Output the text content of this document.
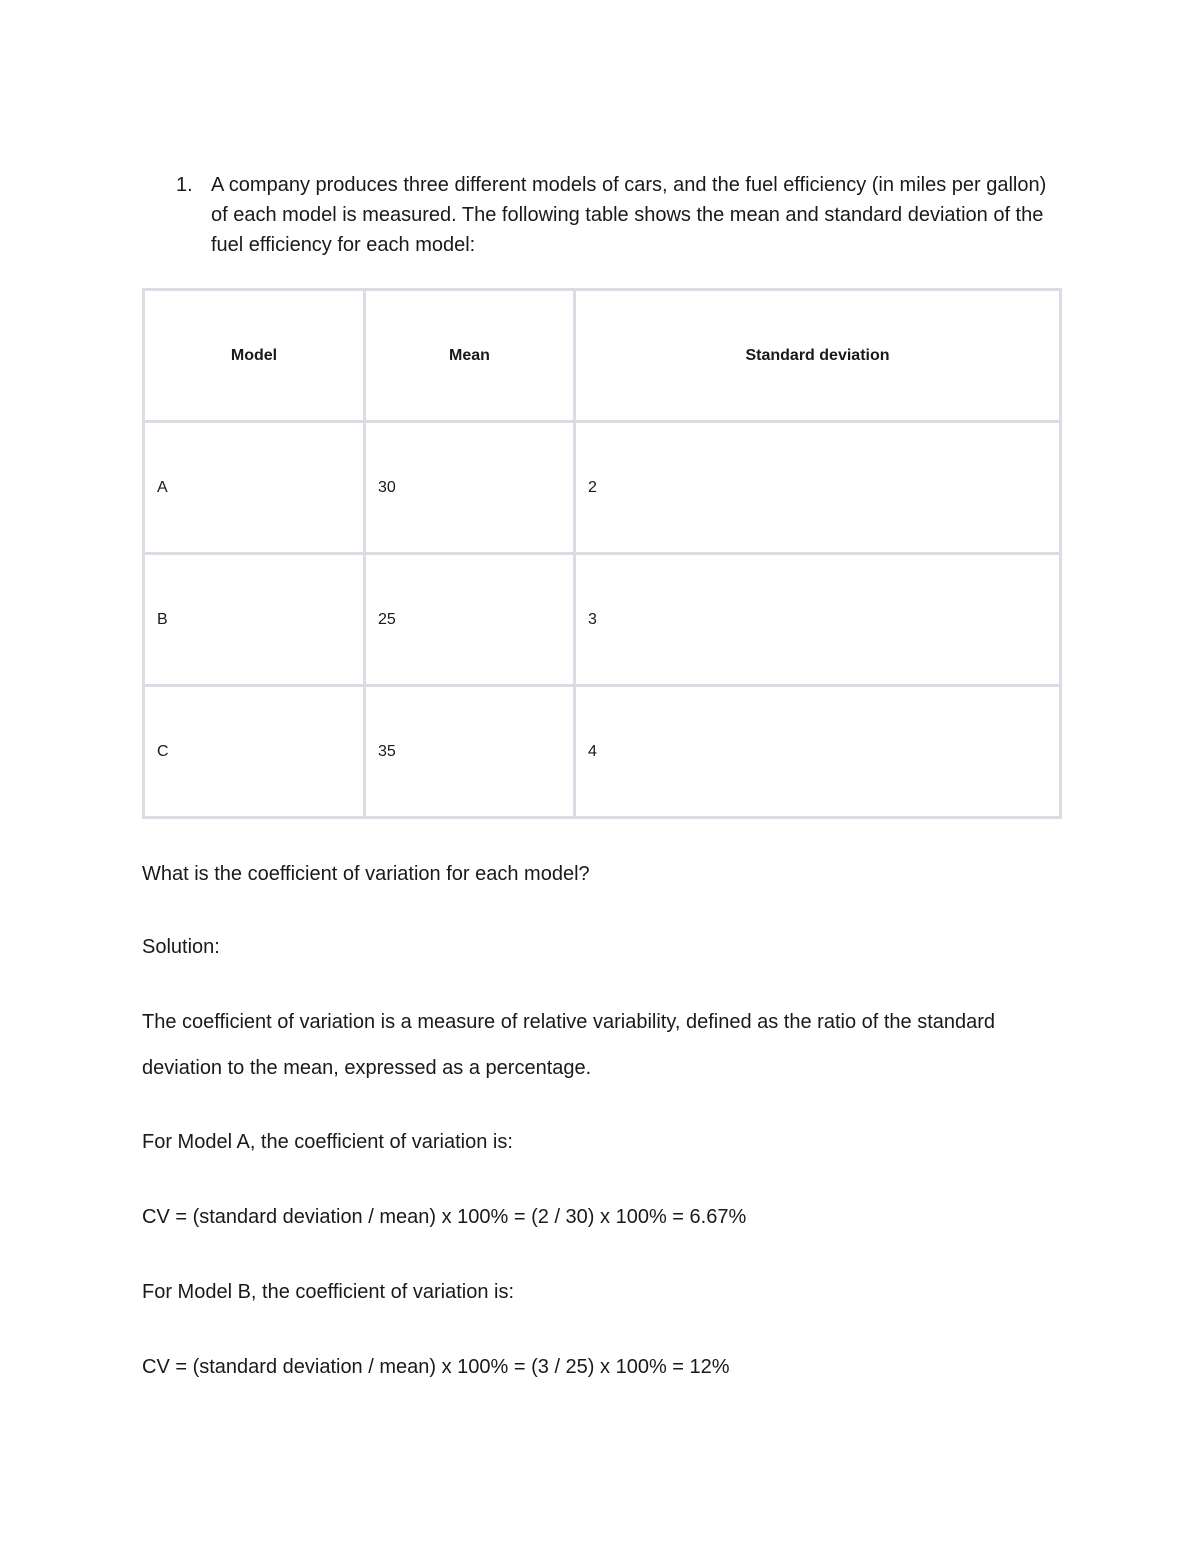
1. A company produces three different models of cars, and the fuel efficiency (in miles per gallon) of each model is measured. The following table shows the mean and standard deviation of the fuel efficiency for each model:
Model	Mean	Standard deviation
A	30	2
B	25	3
C	35	4
What is the coefficient of variation for each model?
Solution:
The coefficient of variation is a measure of relative variability, defined as the ratio of the standard deviation to the mean, expressed as a percentage.
For Model A, the coefficient of variation is:
CV = (standard deviation / mean) x 100% = (2 / 30) x 100% = 6.67%
For Model B, the coefficient of variation is:
CV = (standard deviation / mean) x 100% = (3 / 25) x 100% = 12%
